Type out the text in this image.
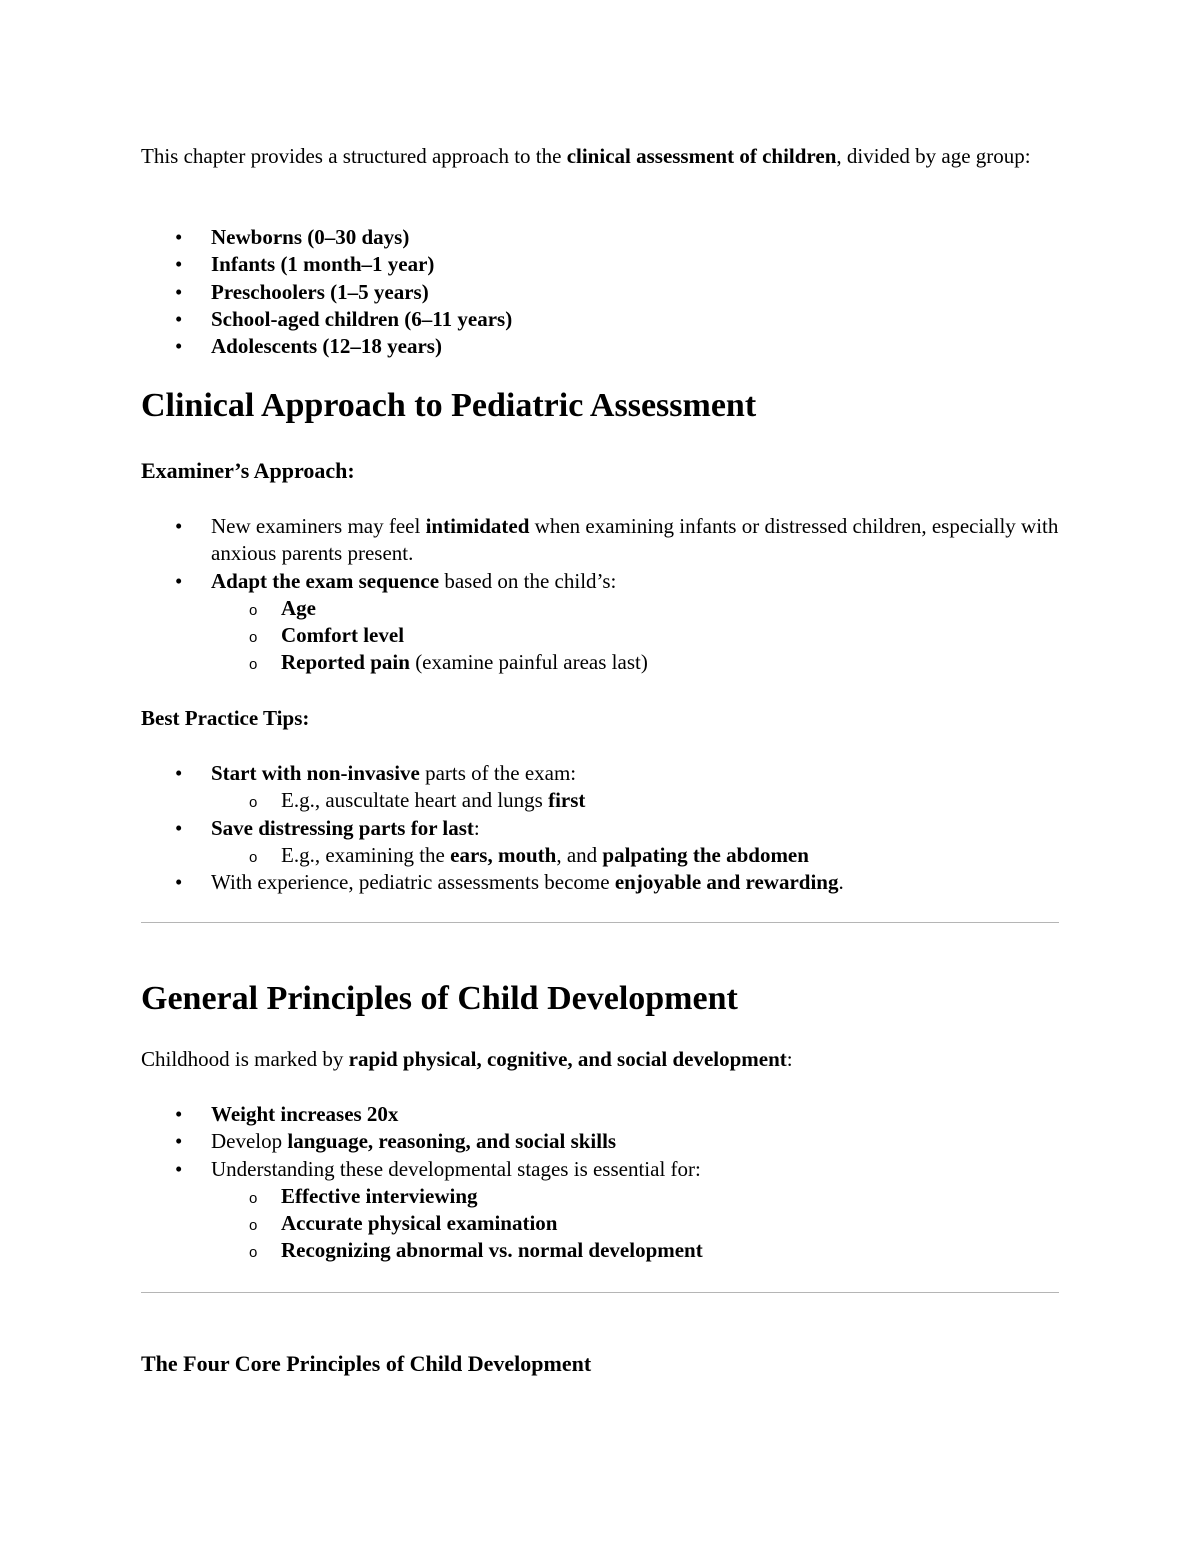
This chapter provides a structured approach to the clinical assessment of children, divided by age group:

• Newborns (0–30 days)
• Infants (1 month–1 year)
• Preschoolers (1–5 years)
• School-aged children (6–11 years)
• Adolescents (12–18 years)
Clinical Approach to Pediatric Assessment
Examiner’s Approach:
• New examiners may feel intimidated when examining infants or distressed children, especially with anxious parents present.
• Adapt the exam sequence based on the child’s:
o Age
o Comfort level
o Reported pain (examine painful areas last)

Best Practice Tips:

• Start with non-invasive parts of the exam:
o E.g., auscultate heart and lungs first
• Save distressing parts for last:
o E.g., examining the ears, mouth, and palpating the abdomen
• With experience, pediatric assessments become enjoyable and rewarding.
General Principles of Child Development

Childhood is marked by rapid physical, cognitive, and social development:

• Weight increases 20x
• Develop language, reasoning, and social skills
• Understanding these developmental stages is essential for:
o Effective interviewing
o Accurate physical examination
o Recognizing abnormal vs. normal development
The Four Core Principles of Child Development
